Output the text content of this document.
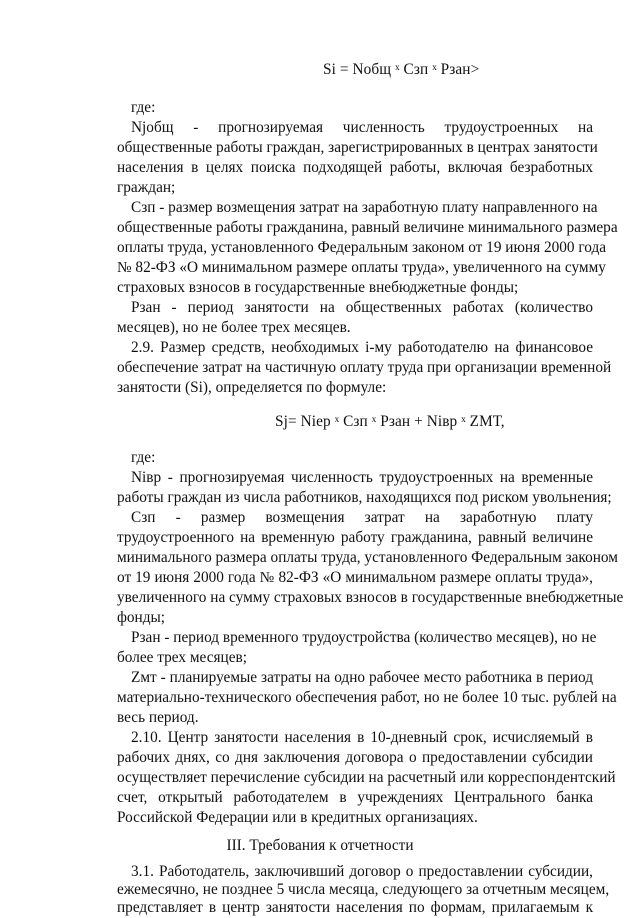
Si = Nобщ ˣ Сзп ˣ Рзан>
где:
Njобщ - прогнозируемая численность трудоустроенных на
общественные работы граждан, зарегистрированных в центрах занятости
населения в целях поиска подходящей работы, включая безработных
граждан;
Сзп - размер возмещения затрат на заработную плату направленного на
общественные работы гражданина, равный величине минимального размера
оплаты труда, установленного Федеральным законом от 19 июня 2000 года
№ 82-ФЗ «О минимальном размере оплаты труда», увеличенного на сумму
страховых взносов в государственные внебюджетные фонды;
Рзан - период занятости на общественных работах (количество
месяцев), но не более трех месяцев.
2.9. Размер средств, необходимых i-му работодателю на финансовое
обеспечение затрат на частичную оплату труда при организации временной
занятости (Si), определяется по формуле:
Sj= Niер ˣ Сзп ˣ Рзан + Niвр ˣ ZМТ,
где:
Niвр - прогнозируемая численность трудоустроенных на временные
работы граждан из числа работников, находящихся под риском увольнения;
Сзп - размер возмещения затрат на заработную плату
трудоустроенного на временную работу гражданина, равный величине
минимального размера оплаты труда, установленного Федеральным законом
от 19 июня 2000 года № 82-ФЗ «О минимальном размере оплаты труда»,
увеличенного на сумму страховых взносов в государственные внебюджетные
фонды;
Рзан - период временного трудоустройства (количество месяцев), но не
более трех месяцев;
Zмт - планируемые затраты на одно рабочее место работника в период
материально-технического обеспечения работ, но не более 10 тыс. рублей на
весь период.
2.10. Центр занятости населения в 10-дневный срок, исчисляемый в
рабочих днях, со дня заключения договора о предоставлении субсидии
осуществляет перечисление субсидии на расчетный или корреспондентский
счет, открытый работодателем в учреждениях Центрального банка
Российской Федерации или в кредитных организациях.
III. Требования к отчетности
3.1. Работодатель, заключивший договор о предоставлении субсидии,
ежемесячно, не позднее 5 числа месяца, следующего за отчетным месяцем,
представляет в центр занятости населения по формам, прилагаемым к
